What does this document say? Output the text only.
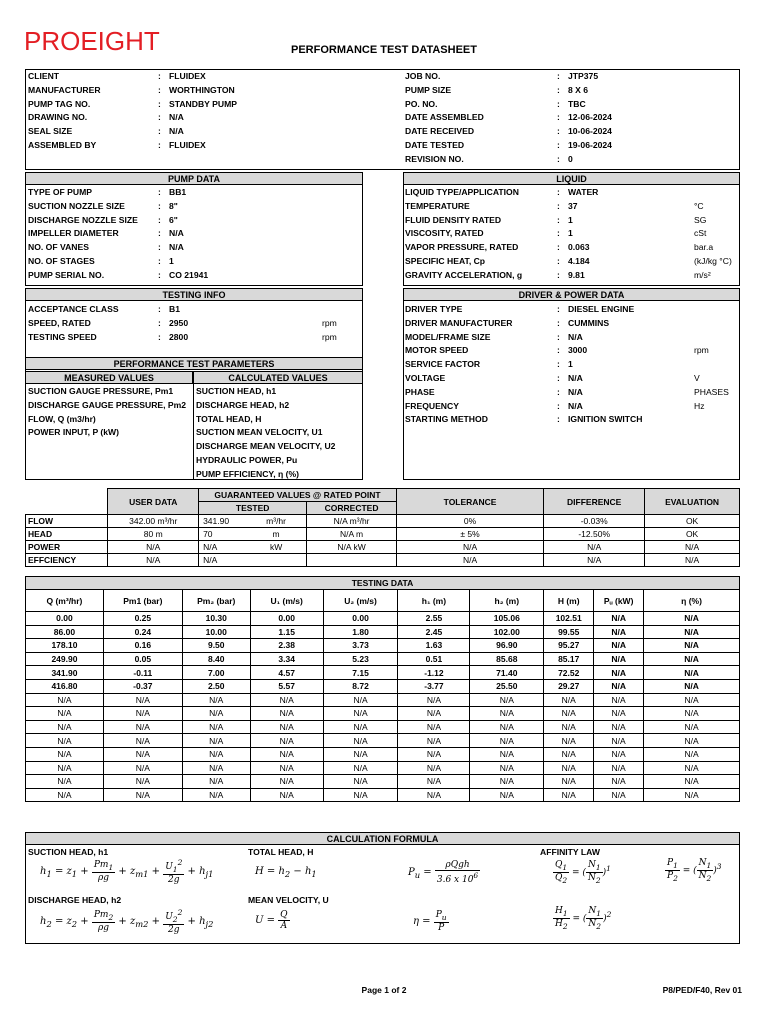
PROEIGHT	PERFORMANCE TEST DATASHEET
CLIENT	: FLUIDEX
MANUFACTURER	: WORTHINGTON
PUMP TAG NO.	: STANDBY PUMP
DRAWING NO.	: N/A
SEAL SIZE	: N/A
ASSEMBLED BY	: FLUIDEX
JOB NO.	: JTP375
PUMP SIZE	: 8 X 6
PO. NO.	: TBC
DATE ASSEMBLED	: 12-06-2024
DATE RECEIVED	: 10-06-2024
DATE TESTED	: 19-06-2024
REVISION NO.	: 0
PUMP DATA	LIQUID
TYPE OF PUMP	: BB1
SUCTION NOZZLE SIZE	: 8"
DISCHARGE NOZZLE SIZE : 6"
IMPELLER DIAMETER	: N/A
NO. OF VANES	: N/A
NO. OF STAGES	: 1
PUMP SERIAL NO.	: CO 21941
LIQUID TYPE/APPLICATION	: WATER
TEMPERATURE	: 37	°C
FLUID DENSITY RATED	: 1	SG
VISCOSITY, RATED	: 1	cSt
VAPOR PRESSURE, RATED	: 0.063	bar.a
SPECIFIC HEAT, Cp	: 4.184	(kJ/kg °C)
GRAVITY ACCELERATION, g	: 9.81	m/s²
TESTING INFO	DRIVER & POWER DATA
ACCEPTANCE CLASS	: B1
SPEED, RATED	: 2950	rpm
TESTING SPEED	: 2800	rpm
DRIVER TYPE	: DIESEL ENGINE
DRIVER MANUFACTURER	: CUMMINS
MODEL/FRAME SIZE	: N/A
MOTOR SPEED	: 3000	rpm
SERVICE FACTOR	: 1
VOLTAGE	: N/A	V
PHASE	: N/A	PHASES
FREQUENCY	: N/A	Hz
STARTING METHOD	: IGNITION SWITCH
PERFORMANCE TEST PARAMETERS
MEASURED VALUES	CALCULATED VALUES
SUCTION GAUGE PRESSURE, Pm1
DISCHARGE GAUGE PRESSURE, Pm2
FLOW, Q (m3/hr)
POWER INPUT, P (kW)
SUCTION HEAD, h1
DISCHARGE HEAD, h2
TOTAL HEAD, H
SUCTION MEAN VELOCITY, U1
DISCHARGE MEAN VELOCITY, U2
HYDRAULIC POWER, Pu
PUMP EFFICIENCY, η (%)
	USER DATA	GUARANTEED VALUES @ RATED POINT		TOLERANCE	DIFFERENCE	EVALUATION
		TESTED	CORRECTED			
FLOW	342.00 m³/hr	341.90 m³/hr	N/A m³/hr	0%	-0.03%	OK
HEAD	80 m	70 m	N/A m	± 5%	-12.50%	OK
POWER	N/A	N/A kW	N/A kW	N/A	N/A	N/A
EFFCIENCY	N/A	N/A		N/A	N/A	N/A
TESTING DATA									
Q (m³/hr)	Pm1 (bar)	Pm₂ (bar)	U₁ (m/s)	U₂ (m/s)	h₁ (m)	h₂ (m)	H (m)	Pᵤ (kW)	η (%)
0.00	0.25	10.30	0.00	0.00	2.55	105.06	102.51	N/A	N/A
86.00	0.24	10.00	1.15	1.80	2.45	102.00	99.55	N/A	N/A
178.10	0.16	9.50	2.38	3.73	1.63	96.90	95.27	N/A	N/A
249.90	0.05	8.40	3.34	5.23	0.51	85.68	85.17	N/A	N/A
341.90	-0.11	7.00	4.57	7.15	-1.12	71.40	72.52	N/A	N/A
416.80	-0.37	2.50	5.57	8.72	-3.77	25.50	29.27	N/A	N/A
N/A	N/A	N/A	N/A	N/A	N/A	N/A	N/A	N/A	N/A
N/A	N/A	N/A	N/A	N/A	N/A	N/A	N/A	N/A	N/A
N/A	N/A	N/A	N/A	N/A	N/A	N/A	N/A	N/A	N/A
N/A	N/A	N/A	N/A	N/A	N/A	N/A	N/A	N/A	N/A
N/A	N/A	N/A	N/A	N/A	N/A	N/A	N/A	N/A	N/A
N/A	N/A	N/A	N/A	N/A	N/A	N/A	N/A	N/A	N/A
N/A	N/A	N/A	N/A	N/A	N/A	N/A	N/A	N/A	N/A
N/A	N/A	N/A	N/A	N/A	N/A	N/A	N/A	N/A	N/A
CALCULATION FORMULA
SUCTION HEAD, h1	TOTAL HEAD, H	AFFINITY LAW
DISCHARGE HEAD, h2	MEAN VELOCITY, U
$h_1 = z_1 + \frac{Pm_1}{\rho g} + z_{m1} + \frac{U_1^2}{2g} + h_{j1}$	$H = h_2 - h_1$	$P_u = \frac{\text{ρQgh}}{3.6 x 10^6}$	$\frac{Q_1}{Q_2}$ = ( $\frac{N_1}{N_2} )^1$	$\frac{P_1}{P_2}$ = ( $\frac{N_1}{N_2} )^3$
$h_2 = z_2 + \frac{Pm_2}{\rho g} + z_{m2} + \frac{U_2^2}{2g} + h_{j2}$	$U = \frac{Q}{A}$	$\eta = \frac{P_u}{P}$	$\frac{H_1}{H_2}$ = ( $\frac{N_1}{N_2} )^2$
Page 1 of 2	P8/PED/F40, Rev 01
